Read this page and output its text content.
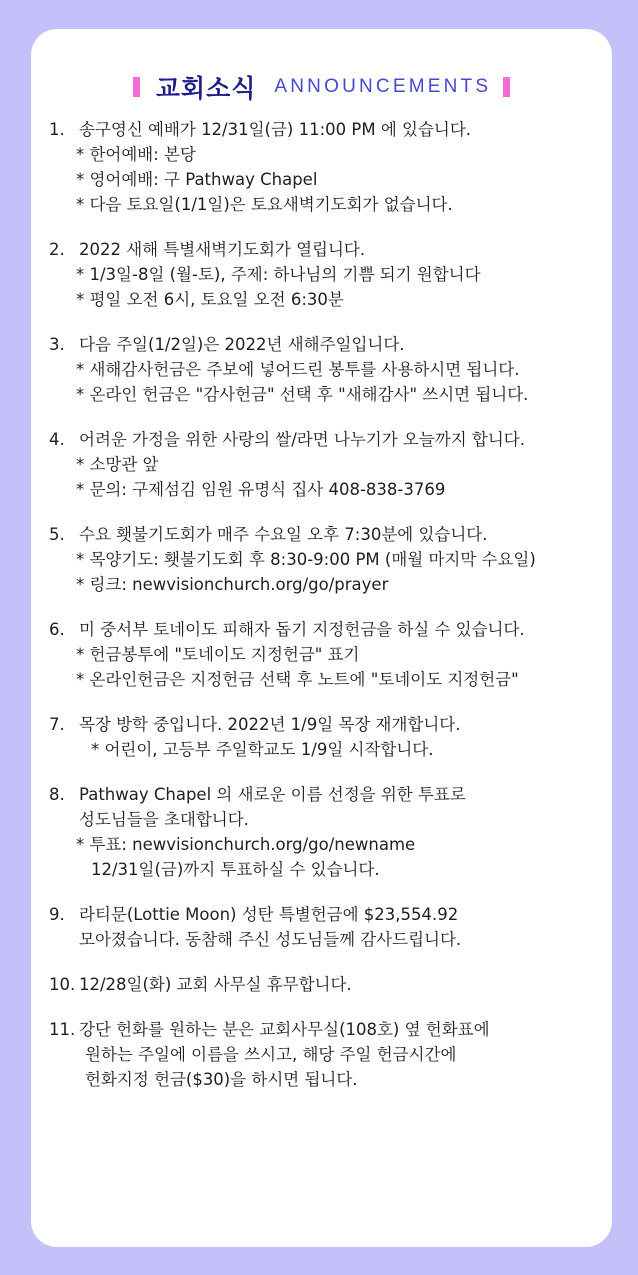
교회소식 ANNOUNCEMENTS
1. 송구영신 예배가 12/31일(금) 11:00 PM 에 있습니다.
* 한어예배: 본당
* 영어예배: 구 Pathway Chapel
* 다음 토요일(1/1일)은 토요새벽기도회가 없습니다.
2. 2022 새해 특별새벽기도회가 열립니다.
* 1/3일-8일 (월-토), 주제: 하나님의 기쁨 되기 원합니다
* 평일 오전 6시, 토요일 오전 6:30분
3. 다음 주일(1/2일)은 2022년 새해주일입니다.
* 새해감사헌금은 주보에 넣어드린 봉투를 사용하시면 됩니다.
* 온라인 헌금은 "감사헌금" 선택 후 "새해감사" 쓰시면 됩니다.
4. 어려운 가정을 위한 사랑의 쌀/라면 나누기가 오늘까지 합니다.
* 소망관 앞
* 문의: 구제섬김 임원 유명식 집사 408-838-3769
5. 수요 횃불기도회가 매주 수요일 오후 7:30분에 있습니다.
* 목양기도: 횃불기도회 후 8:30-9:00 PM (매월 마지막 수요일)
* 링크: newvisionchurch.org/go/prayer
6. 미 중서부 토네이도 피해자 돕기 지정헌금을 하실 수 있습니다.
* 헌금봉투에 "토네이도 지정헌금" 표기
* 온라인헌금은 지정헌금 선택 후 노트에 "토네이도 지정헌금"
7. 목장 방학 중입니다. 2022년 1/9일 목장 재개합니다.
* 어린이, 고등부 주일학교도 1/9일 시작합니다.
8. Pathway Chapel 의 새로운 이름 선정을 위한 투표로
성도님들을 초대합니다.
* 투표: newvisionchurch.org/go/newname
12/31일(금)까지 투표하실 수 있습니다.
9. 라티문(Lottie Moon) 성탄 특별헌금에 $23,554.92
모아졌습니다. 동참해 주신 성도님들께 감사드립니다.
10. 12/28일(화) 교회 사무실 휴무합니다.
11. 강단 헌화를 원하는 분은 교회사무실(108호) 옆 헌화표에
원하는 주일에 이름을 쓰시고, 해당 주일 헌금시간에
헌화지정 헌금($30)을 하시면 됩니다.
